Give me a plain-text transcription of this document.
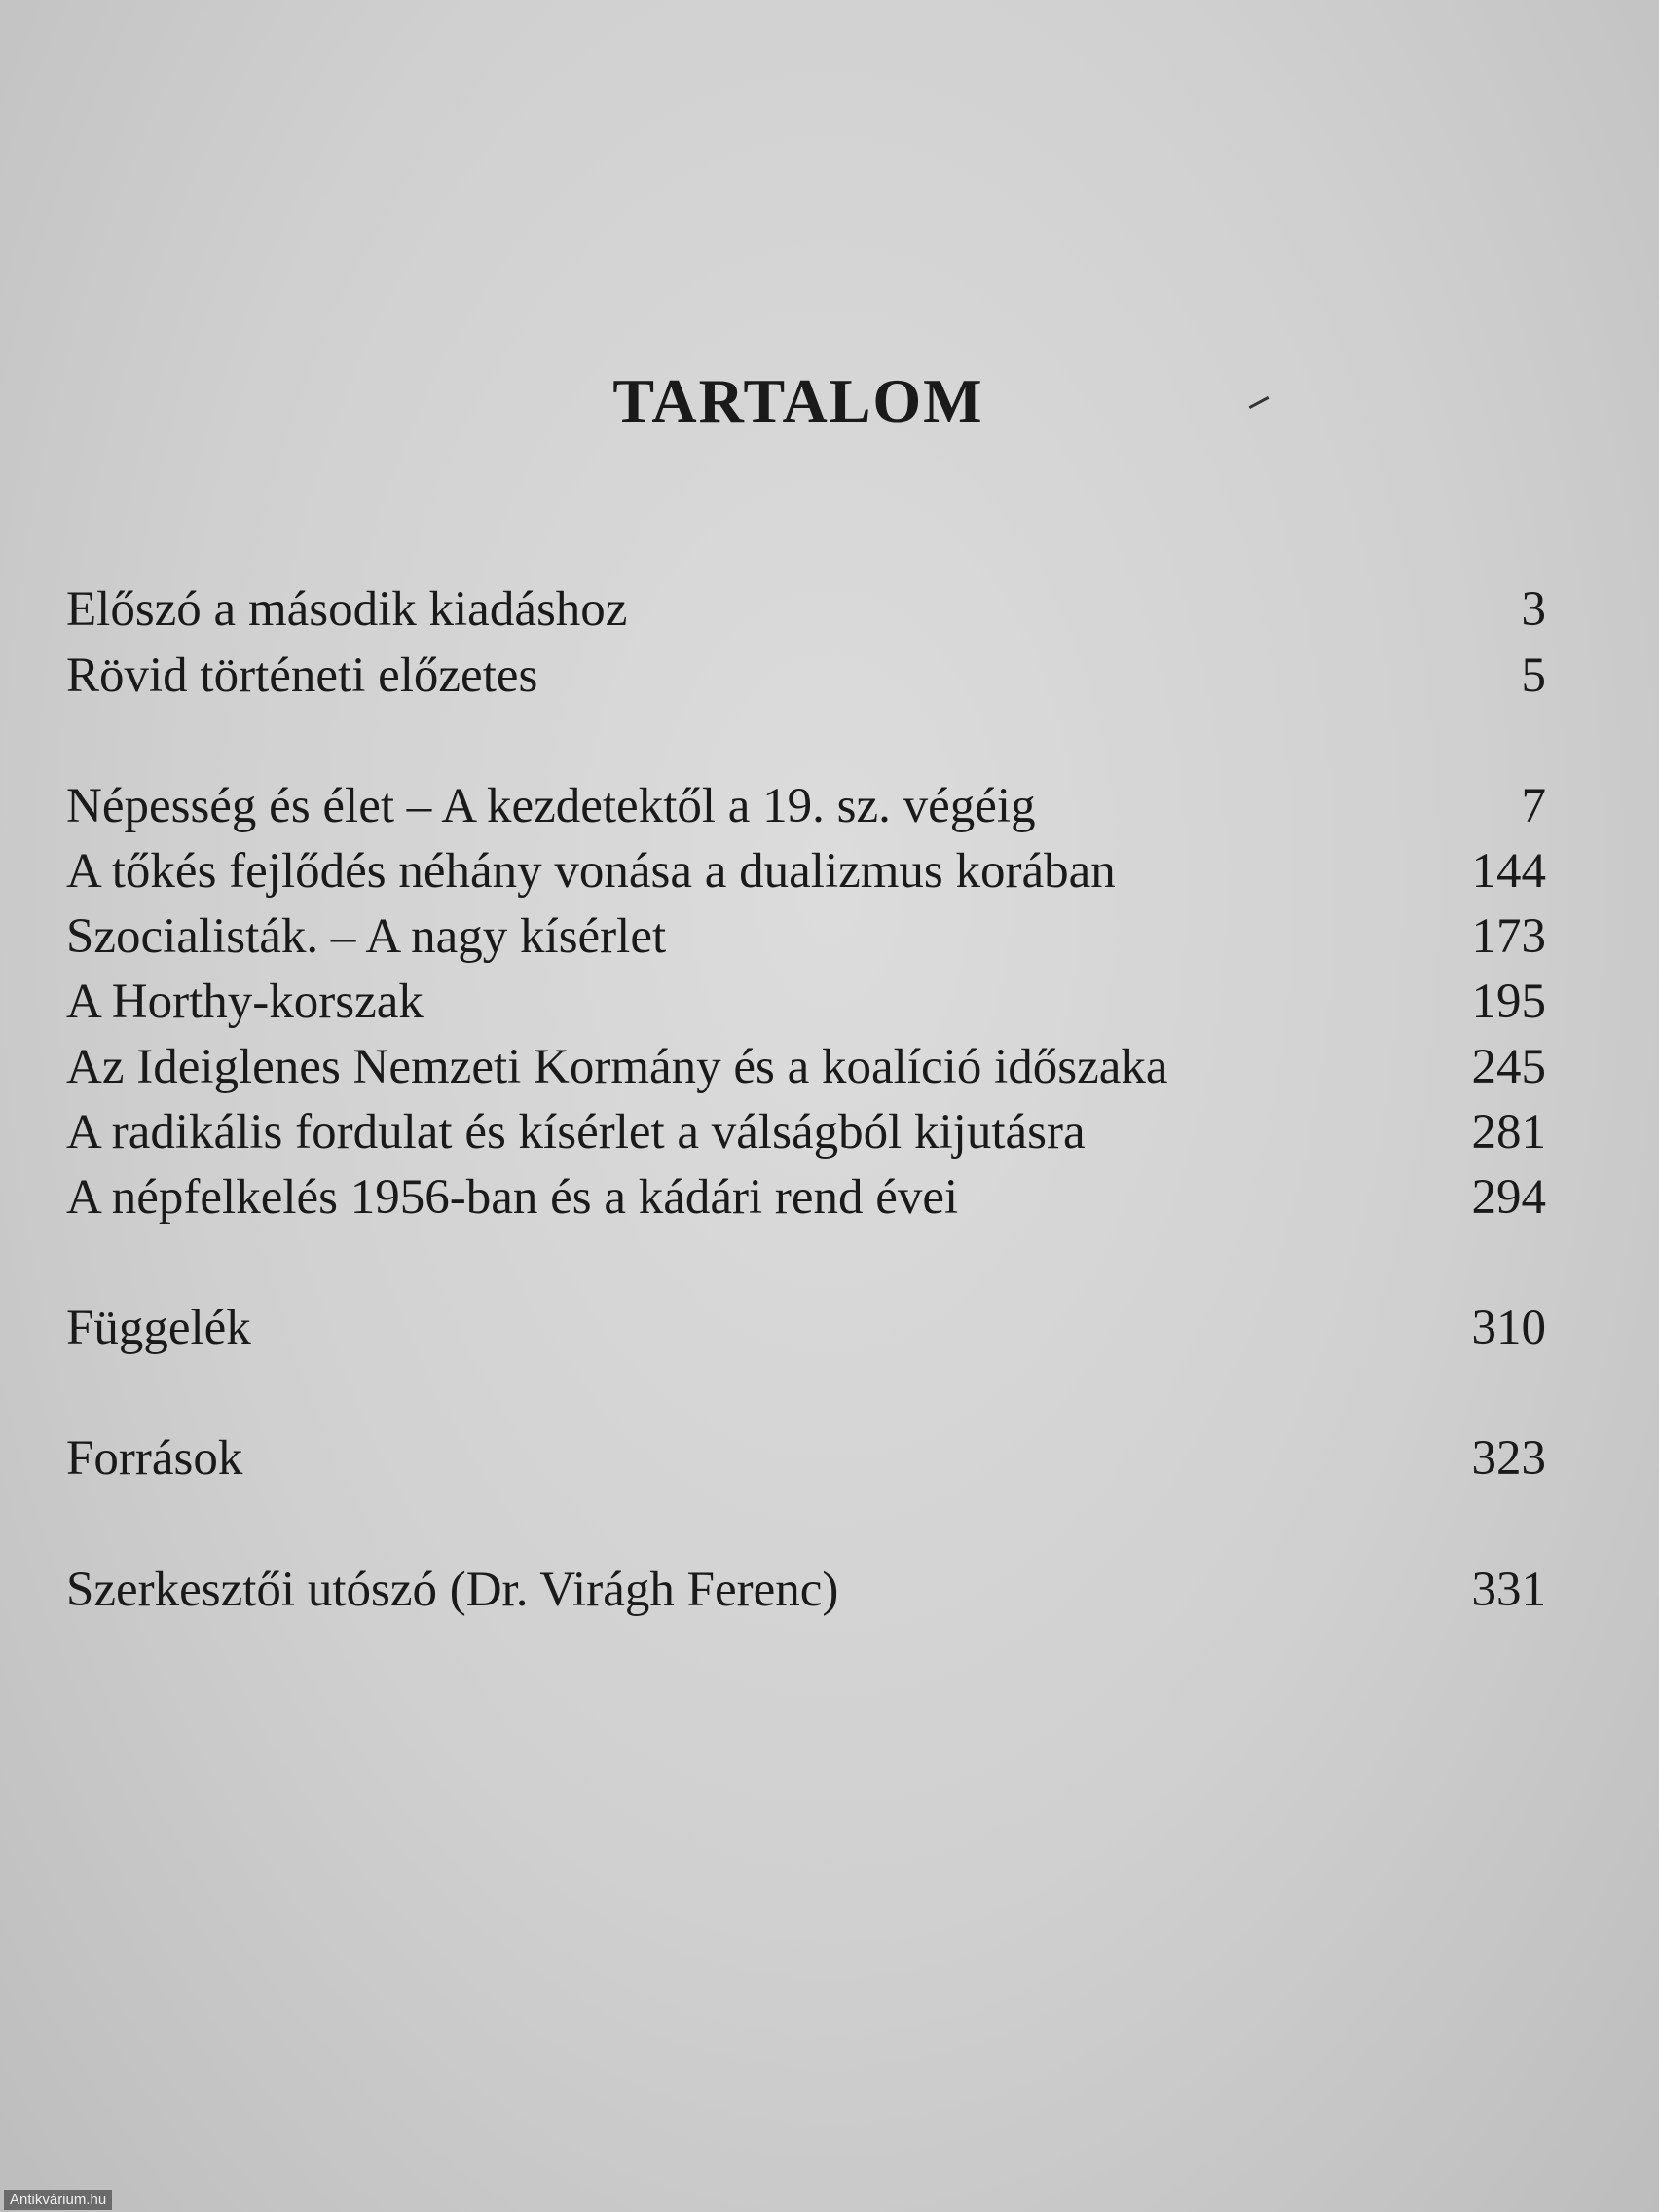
TARTALOM
Előszó a második kiadáshoz	3
Rövid történeti előzetes	5
Népesség és élet – A kezdetektől a 19. sz. végéig	7
A tőkés fejlődés néhány vonása a dualizmus korában	144
Szocialisták. – A nagy kísérlet	173
A Horthy-korszak	195
Az Ideiglenes Nemzeti Kormány és a koalíció időszaka	245
A radikális fordulat és kísérlet a válságból kijutásra	281
A népfelkelés 1956-ban és a kádári rend évei	294
Függelék	310
Források	323
Szerkesztői utószó (Dr. Virágh Ferenc)	331
Antikvárium.hu
